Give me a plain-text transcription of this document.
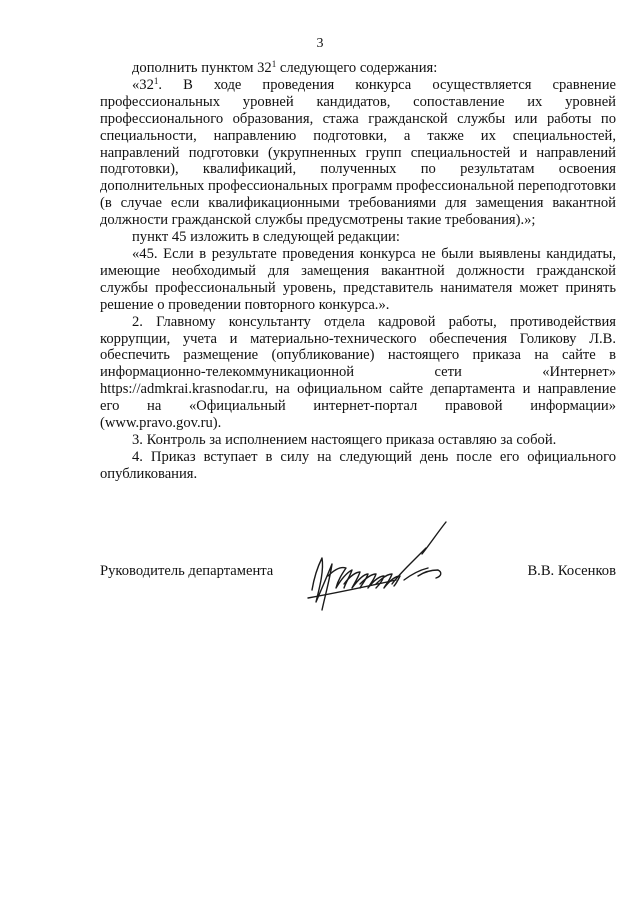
3

дополнить пунктом $32^1$ следующего содержания:

«$32^1$. В ходе проведения конкурса осуществляется сравнение профессиональных уровней кандидатов, сопоставление их уровней профессионального образования, стажа гражданской службы или работы по специальности, направлению подготовки, а также их специальностей, направлений подготовки (укрупненных групп специальностей и направлений подготовки), квалификаций, полученных по результатам освоения дополнительных профессиональных программ профессиональной переподготовки (в случае если квалификационными требованиями для замещения вакантной должности гражданской службы предусмотрены такие требования).»;

пункт 45 изложить в следующей редакции:

«45. Если в результате проведения конкурса не были выявлены кандидаты, имеющие необходимый для замещения вакантной должности гражданской службы профессиональный уровень, представитель нанимателя может принять решение о проведении повторного конкурса.».

2. Главному консультанту отдела кадровой работы, противодействия коррупции, учета и материально-технического обеспечения Голикову Л.В. обеспечить размещение (опубликование) настоящего приказа на сайте в информационно-телекоммуникационной сети «Интернет» https://admkrai.krasnodar.ru, на официальном сайте департамента и направление его на «Официальный интернет-портал правовой информации» (www.pravo.gov.ru).

3. Контроль за исполнением настоящего приказа оставляю за собой.

4. Приказ вступает в силу на следующий день после его официального опубликования.

Руководитель департамента	В.В. Косенков
